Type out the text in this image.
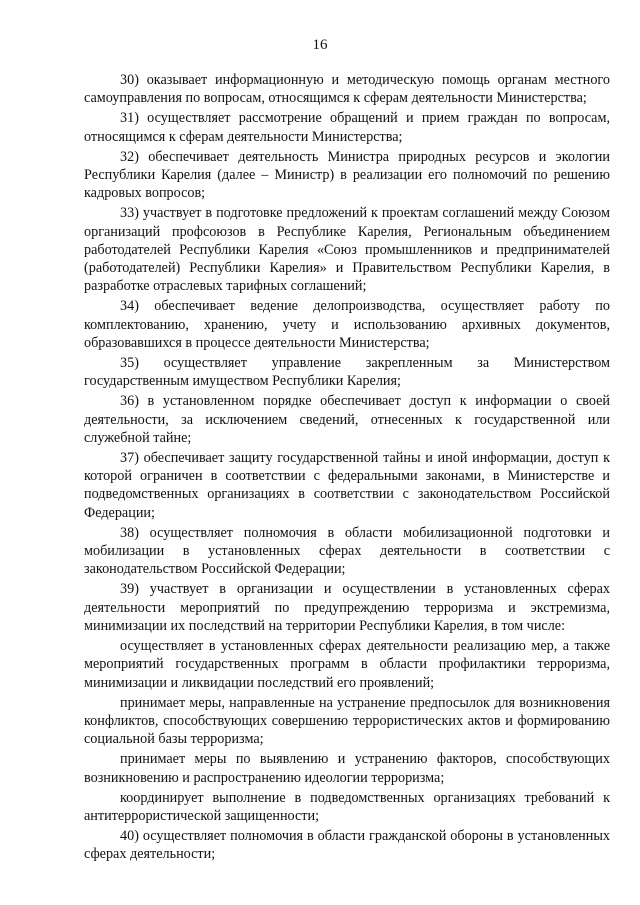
16

30) оказывает информационную и методическую помощь органам местного самоуправления по вопросам, относящимся к сферам деятельности Министерства;

31) осуществляет рассмотрение обращений и прием граждан по вопросам, относящимся к сферам деятельности Министерства;

32) обеспечивает деятельность Министра природных ресурсов и экологии Республики Карелия (далее – Министр) в реализации его полномочий по решению кадровых вопросов;

33) участвует в подготовке предложений к проектам соглашений между Союзом организаций профсоюзов в Республике Карелия, Региональным объединением работодателей Республики Карелия «Союз промышленников и предпринимателей (работодателей) Республики Карелия» и Правительством Республики Карелия, в разработке отраслевых тарифных соглашений;

34) обеспечивает ведение делопроизводства, осуществляет работу по комплектованию, хранению, учету и использованию архивных документов, образовавшихся в процессе деятельности Министерства;

35) осуществляет управление закрепленным за Министерством государственным имуществом Республики Карелия;

36) в установленном порядке обеспечивает доступ к информации о своей деятельности, за исключением сведений, отнесенных к государственной или служебной тайне;

37) обеспечивает защиту государственной тайны и иной информации, доступ к которой ограничен в соответствии с федеральными законами, в Министерстве и подведомственных организациях в соответствии с законодательством Российской Федерации;

38) осуществляет полномочия в области мобилизационной подготовки и мобилизации в установленных сферах деятельности в соответствии с законодательством Российской Федерации;

39) участвует в организации и осуществлении в установленных сферах деятельности мероприятий по предупреждению терроризма и экстремизма, минимизации их последствий на территории Республики Карелия, в том числе:

осуществляет в установленных сферах деятельности реализацию мер, а также мероприятий государственных программ в области профилактики терроризма, минимизации и ликвидации последствий его проявлений;

принимает меры, направленные на устранение предпосылок для возникновения конфликтов, способствующих совершению террористических актов и формированию социальной базы терроризма;

принимает меры по выявлению и устранению факторов, способствующих возникновению и распространению идеологии терроризма;

координирует выполнение в подведомственных организациях требований к антитеррористической защищенности;

40) осуществляет полномочия в области гражданской обороны в установленных сферах деятельности;
